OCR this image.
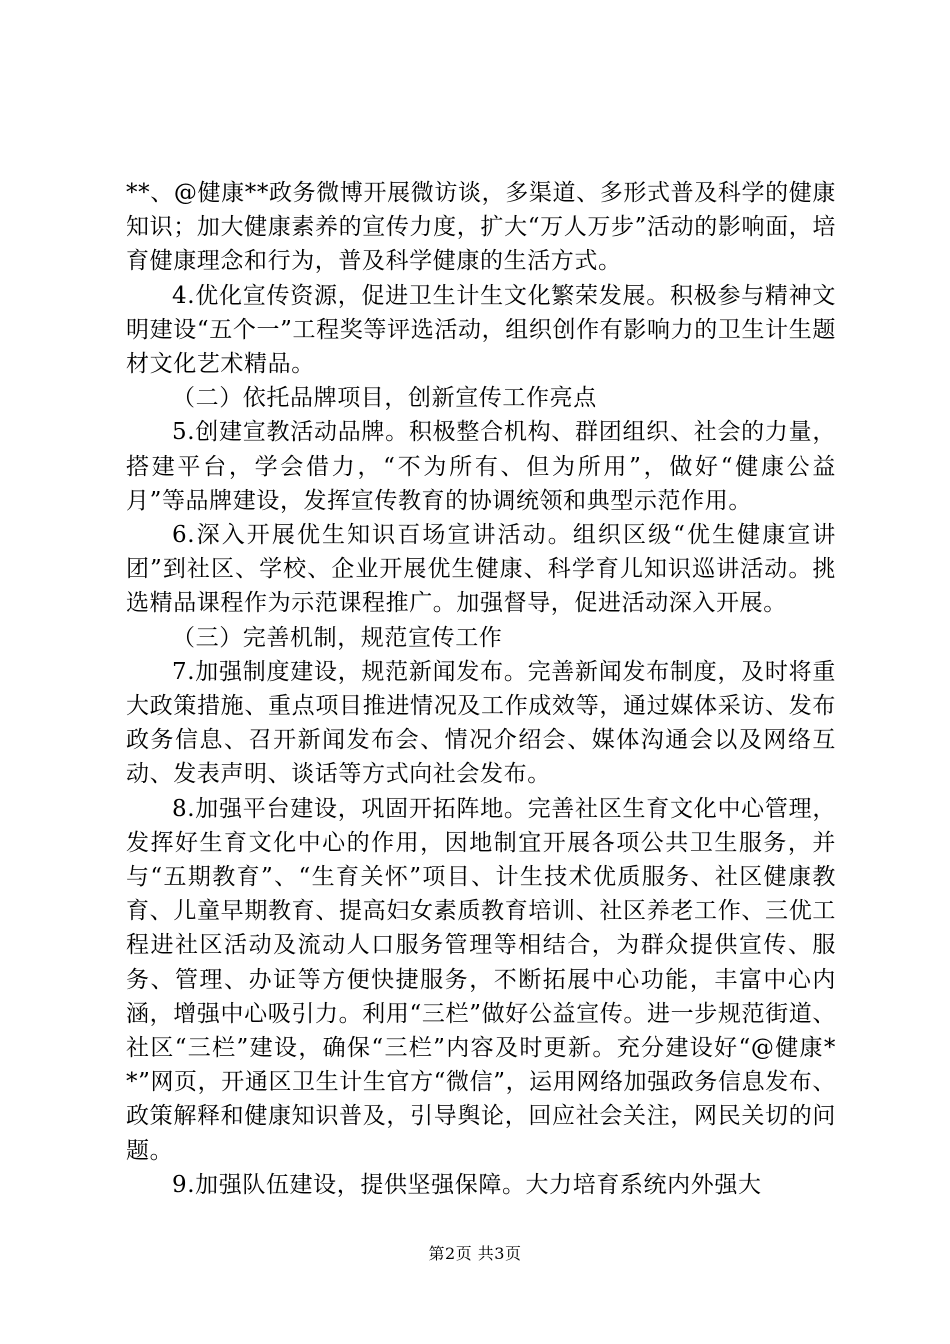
**、@健康**政务微博开展微访谈，多渠道、多形式普及科学的健康知识；加大健康素养的宣传力度，扩大“万人万步”活动的影响面，培育健康理念和行为，普及科学健康的生活方式。

4.优化宣传资源，促进卫生计生文化繁荣发展。积极参与精神文明建设“五个一”工程奖等评选活动，组织创作有影响力的卫生计生题材文化艺术精品。

（二）依托品牌项目，创新宣传工作亮点

5.创建宣教活动品牌。积极整合机构、群团组织、社会的力量，搭建平台，学会借力，“不为所有、但为所用”，做好“健康公益月”等品牌建设，发挥宣传教育的协调统领和典型示范作用。

6.深入开展优生知识百场宣讲活动。组织区级“优生健康宣讲团”到社区、学校、企业开展优生健康、科学育儿知识巡讲活动。挑选精品课程作为示范课程推广。加强督导，促进活动深入开展。

（三）完善机制，规范宣传工作

7.加强制度建设，规范新闻发布。完善新闻发布制度，及时将重大政策措施、重点项目推进情况及工作成效等，通过媒体采访、发布政务信息、召开新闻发布会、情况介绍会、媒体沟通会以及网络互动、发表声明、谈话等方式向社会发布。

8.加强平台建设，巩固开拓阵地。完善社区生育文化中心管理，发挥好生育文化中心的作用，因地制宜开展各项公共卫生服务，并与“五期教育”、“生育关怀”项目、计生技术优质服务、社区健康教育、儿童早期教育、提高妇女素质教育培训、社区养老工作、三优工程进社区活动及流动人口服务管理等相结合，为群众提供宣传、服务、管理、办证等方便快捷服务，不断拓展中心功能，丰富中心内涵，增强中心吸引力。利用“三栏”做好公益宣传。进一步规范街道、社区“三栏”建设，确保“三栏”内容及时更新。充分建设好“@健康**”网页，开通区卫生计生官方“微信”，运用网络加强政务信息发布、政策解释和健康知识普及，引导舆论，回应社会关注，网民关切的问题。

9.加强队伍建设，提供坚强保障。大力培育系统内外强大

第2页 共3页
